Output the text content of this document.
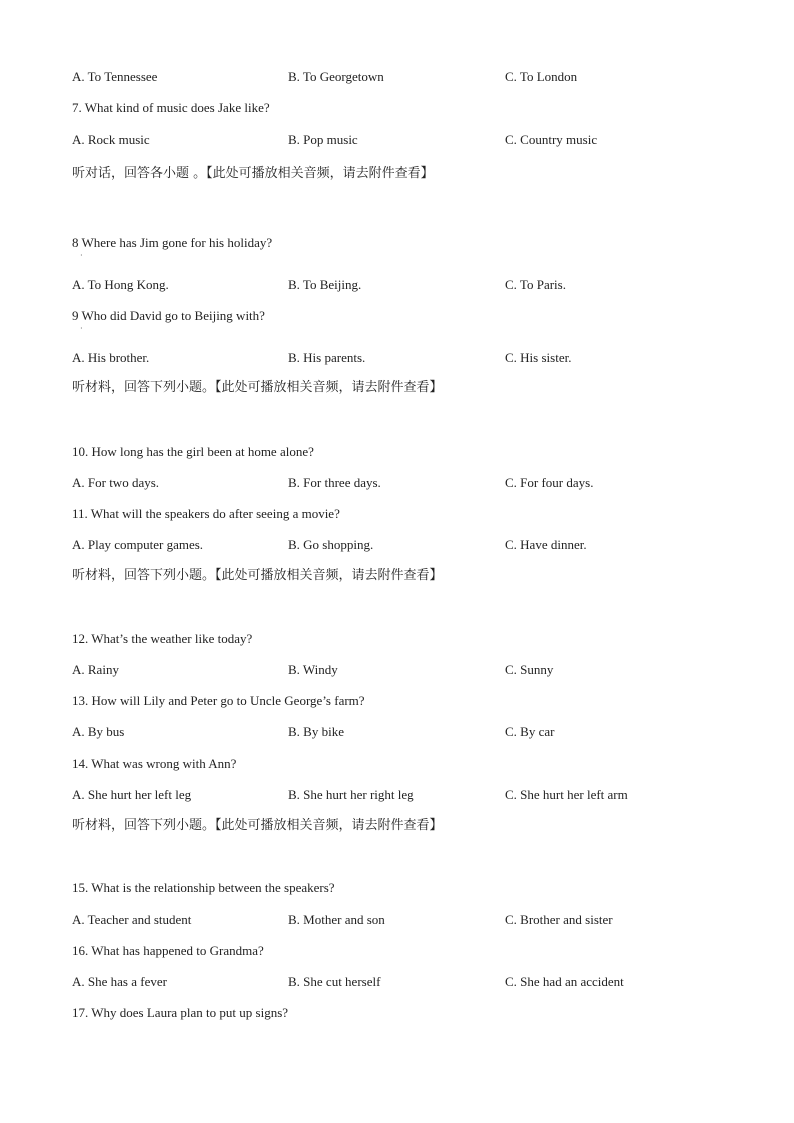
A. To Tennessee	B. To Georgetown	C. To London
7. What kind of music does Jake like?
A. Rock music	B. Pop music	C. Country music
听对话，回答各小题 。【此处可播放相关音频，请去附件查看】
8 Where has Jim gone for his holiday?
A. To Hong Kong.	B. To Beijing.	C. To Paris.
9 Who did David go to Beijing with?
A. His brother.	B. His parents.	C. His sister.
听材料，回答下列小题。【此处可播放相关音频，请去附件查看】
10. How long has the girl been at home alone?
A. For two days.	B. For three days.	C. For four days.
11. What will the speakers do after seeing a movie?
A. Play computer games.	B. Go shopping.	C. Have dinner.
听材料，回答下列小题。【此处可播放相关音频，请去附件查看】
12. What’s the weather like today?
A. Rainy	B. Windy	C. Sunny
13. How will Lily and Peter go to Uncle George’s farm?
A. By bus	B. By bike	C. By car
14. What was wrong with Ann?
A. She hurt her left leg	B. She hurt her right leg	C. She hurt her left arm
听材料，回答下列小题。【此处可播放相关音频，请去附件查看】
15. What is the relationship between the speakers?
A. Teacher and student	B. Mother and son	C. Brother and sister
16. What has happened to Grandma?
A. She has a fever	B. She cut herself	C. She had an accident
17. Why does Laura plan to put up signs?
·
·
